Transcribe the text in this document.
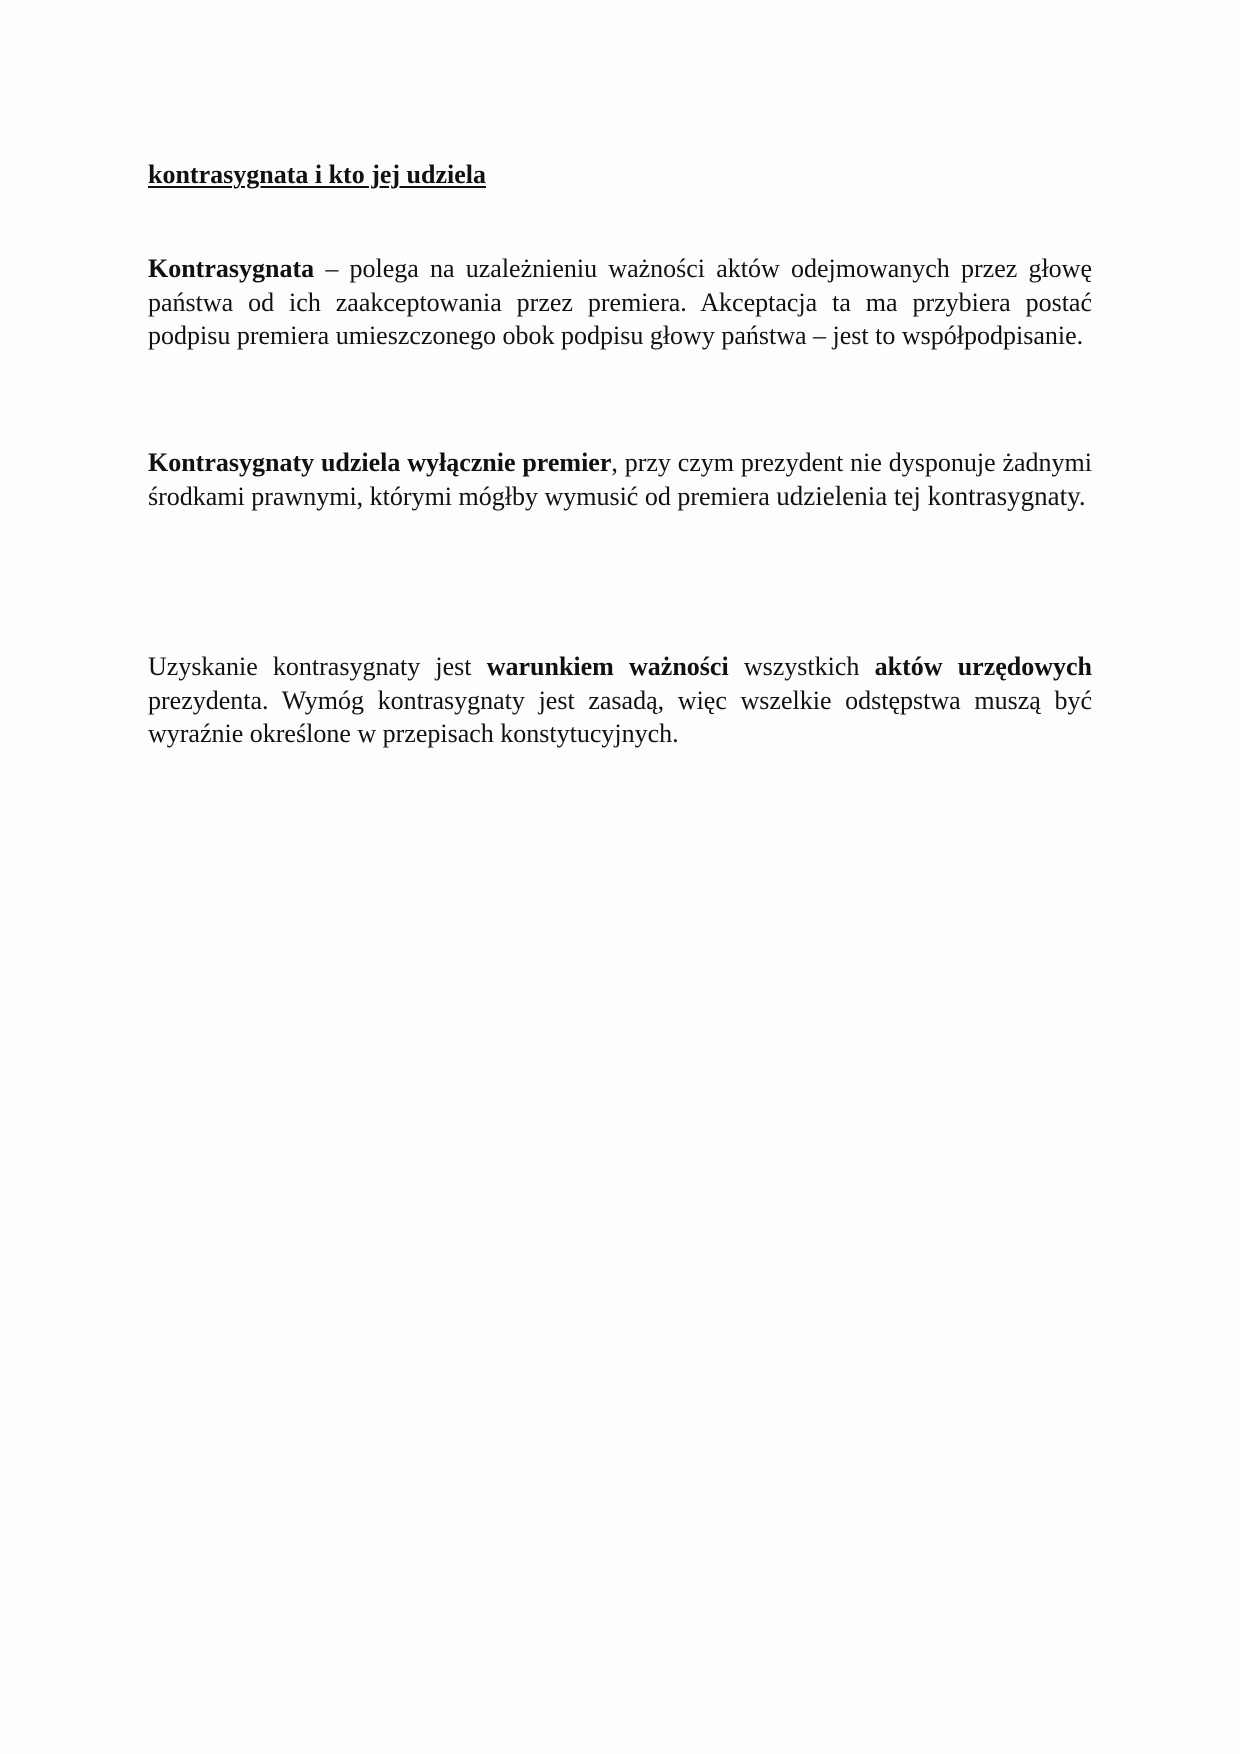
kontrasygnata i kto jej udziela

Kontrasygnata – polega na uzależnieniu ważności aktów odejmowanych przez głowę państwa od ich zaakceptowania przez premiera. Akceptacja ta ma przybiera postać podpisu premiera umieszczonego obok podpisu głowy państwa – jest to współpodpisanie.

Kontrasygnaty udziela wyłącznie premier, przy czym prezydent nie dysponuje żadnymi środkami prawnymi, którymi mógłby wymusić od premiera udzielenia tej kontrasygnaty.

Uzyskanie kontrasygnaty jest warunkiem ważności wszystkich aktów urzędowych prezydenta. Wymóg kontrasygnaty jest zasadą, więc wszelkie odstępstwa muszą być wyraźnie określone w przepisach konstytucyjnych.
